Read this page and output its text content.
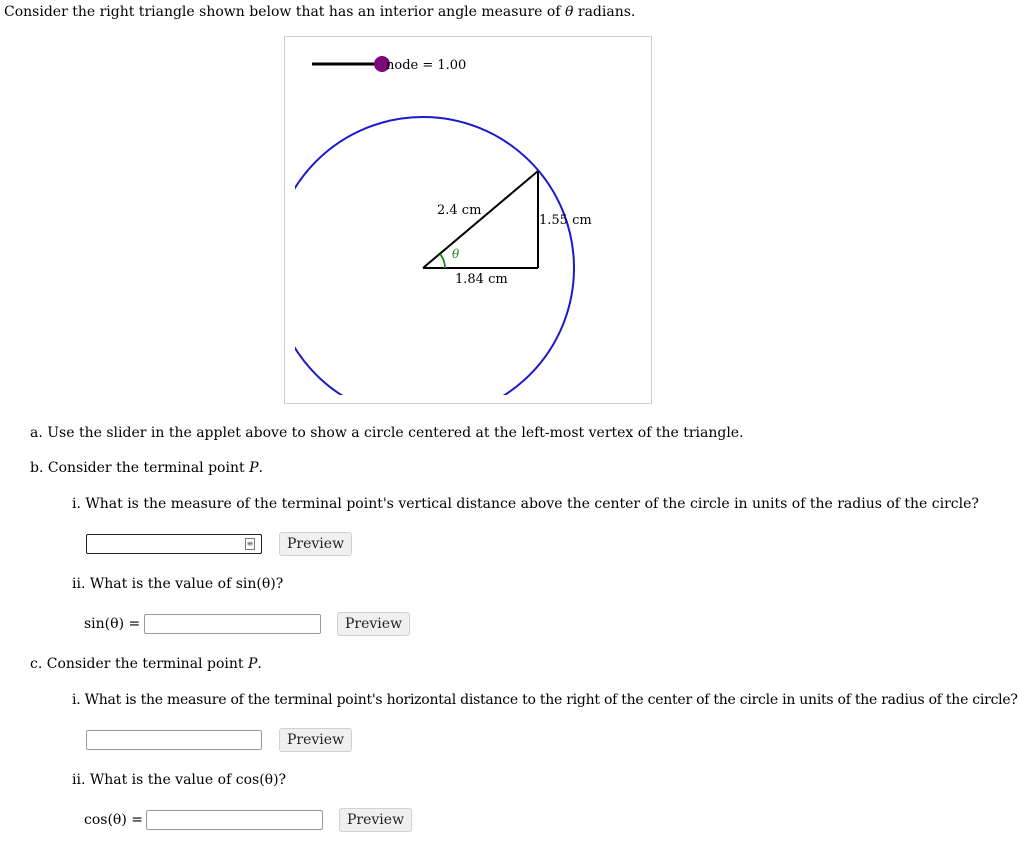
Consider the right triangle shown below that has an interior angle measure of θ radians.
node = 1.00
2.4 cm
1.55 cm
1.84 cm
θ
a. Use the slider in the applet above to show a circle centered at the left-most vertex of the triangle.
b. Consider the terminal point P.
i. What is the measure of the terminal point's vertical distance above the center of the circle in units of the radius of the circle?
≡	Preview
ii. What is the value of sin(θ)?
sin(θ) =	Preview
c. Consider the terminal point P.
i. What is the measure of the terminal point's horizontal distance to the right of the center of the circle in units of the radius of the circle?
Preview
ii. What is the value of cos(θ)?
cos(θ) =	Preview
